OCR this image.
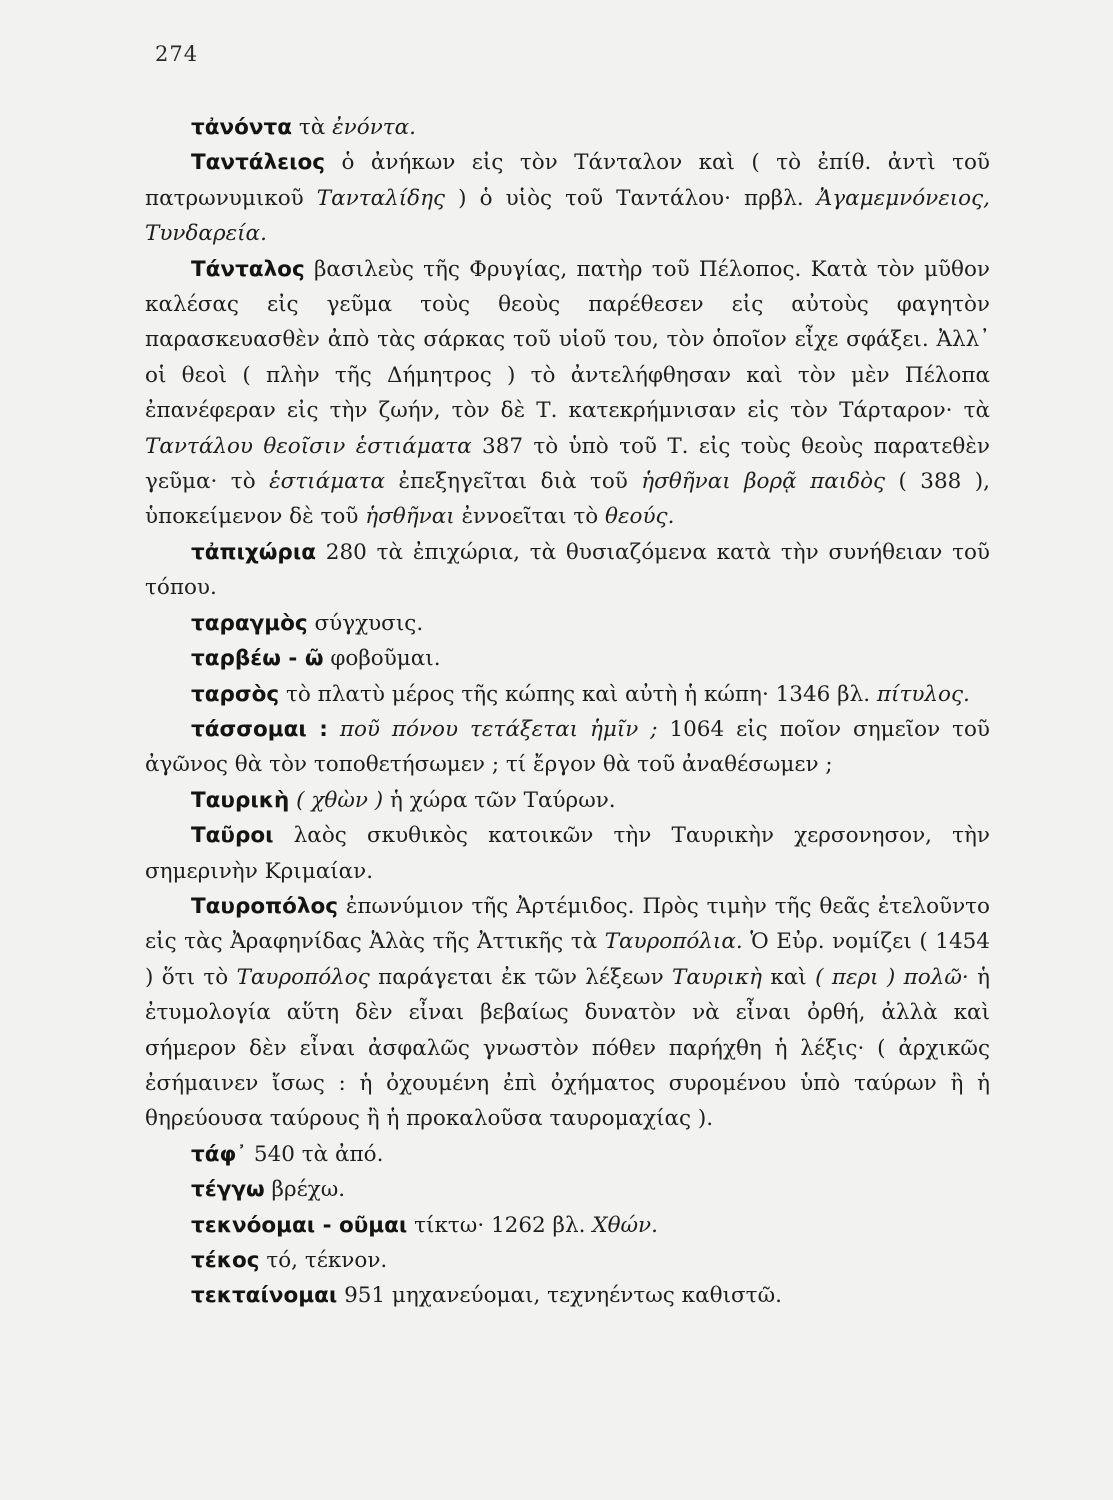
274

τἀνόντα τὰ ἐνόντα.

Ταντάλειος ὁ ἀνήκων εἰς τὸν Τάνταλον καὶ ( τὸ ἐπίθ. ἀντὶ τοῦ πατρωνυμικοῦ Τανταλίδης ) ὁ υἱὸς τοῦ Ταντάλου· πρβλ. Ἀγαμεμνόνειος, Τυνδαρεία.

Τάνταλος βασιλεὺς τῆς Φρυγίας, πατὴρ τοῦ Πέλοπος. Κατὰ τὸν μῦθον καλέσας εἰς γεῦμα τοὺς θεοὺς παρέθεσεν εἰς αὐτοὺς φαγητὸν παρασκευασθὲν ἀπὸ τὰς σάρκας τοῦ υἱοῦ του, τὸν ὁποῖον εἶχε σφάξει. Ἀλλ᾽ οἱ θεοὶ ( πλὴν τῆς Δήμητρος ) τὸ ἀντελήφθησαν καὶ τὸν μὲν Πέλοπα ἐπανέφεραν εἰς τὴν ζωήν, τὸν δὲ Τ. κατεκρήμνισαν εἰς τὸν Τάρταρον· τὰ Ταντάλου θεοῖσιν ἑστιάματα 387 τὸ ὑπὸ τοῦ Τ. εἰς τοὺς θεοὺς παρατεθὲν γεῦμα· τὸ ἑστιάματα ἐπεξηγεῖται διὰ τοῦ ἡσθῆναι βορᾷ παιδὸς ( 388 ), ὑποκείμενον δὲ τοῦ ἡσθῆναι ἐννοεῖται τὸ θεούς.

τἀπιχώρια 280 τὰ ἐπιχώρια, τὰ θυσιαζόμενα κατὰ τὴν συνήθειαν τοῦ τόπου.

ταραγμὸς σύγχυσις.

ταρβέω - ῶ φοβοῦμαι.

ταρσὸς τὸ πλατὺ μέρος τῆς κώπης καὶ αὐτὴ ἡ κώπη· 1346 βλ. πίτυλος.

τάσσομαι : ποῦ πόνου τετάξεται ἡμῖν ; 1064 εἰς ποῖον σημεῖον τοῦ ἀγῶνος θὰ τὸν τοποθετήσωμεν ; τί ἔργον θὰ τοῦ ἀναθέσωμεν ;

Ταυρικὴ ( χθὼν ) ἡ χώρα τῶν Ταύρων.

Ταῦροι λαὸς σκυθικὸς κατοικῶν τὴν Ταυρικὴν χερσονησον, τὴν σημερινὴν Κριμαίαν.

Ταυροπόλος ἐπωνύμιον τῆς Ἀρτέμιδος. Πρὸς τιμὴν τῆς θεᾶς ἐτελοῦντο εἰς τὰς Ἀραφηνίδας Ἁλὰς τῆς Ἀττικῆς τὰ Ταυροπόλια. Ὁ Εὐρ. νομίζει ( 1454 ) ὅτι τὸ Ταυροπόλος παράγεται ἐκ τῶν λέξεων Ταυρικὴ καὶ ( περι ) πολῶ· ἡ ἐτυμολογία αὕτη δὲν εἶναι βεβαίως δυνατὸν νὰ εἶναι ὀρθή, ἀλλὰ καὶ σήμερον δὲν εἶναι ἀσφαλῶς γνωστὸν πόθεν παρήχθη ἡ λέξις· ( ἀρχικῶς ἐσήμαινεν ἴσως : ἡ ὀχουμένη ἐπὶ ὀχήματος συρομένου ὑπὸ ταύρων ἢ ἡ θηρεύουσα ταύρους ἢ ἡ προκαλοῦσα ταυρομαχίας ).

τάφ᾽ 540 τὰ ἀπό.

τέγγω βρέχω.

τεκνόομαι - οῦμαι τίκτω· 1262 βλ. Χθών.

τέκος τό, τέκνον.

τεκταίνομαι 951 μηχανεύομαι, τεχνηέντως καθιστῶ.
